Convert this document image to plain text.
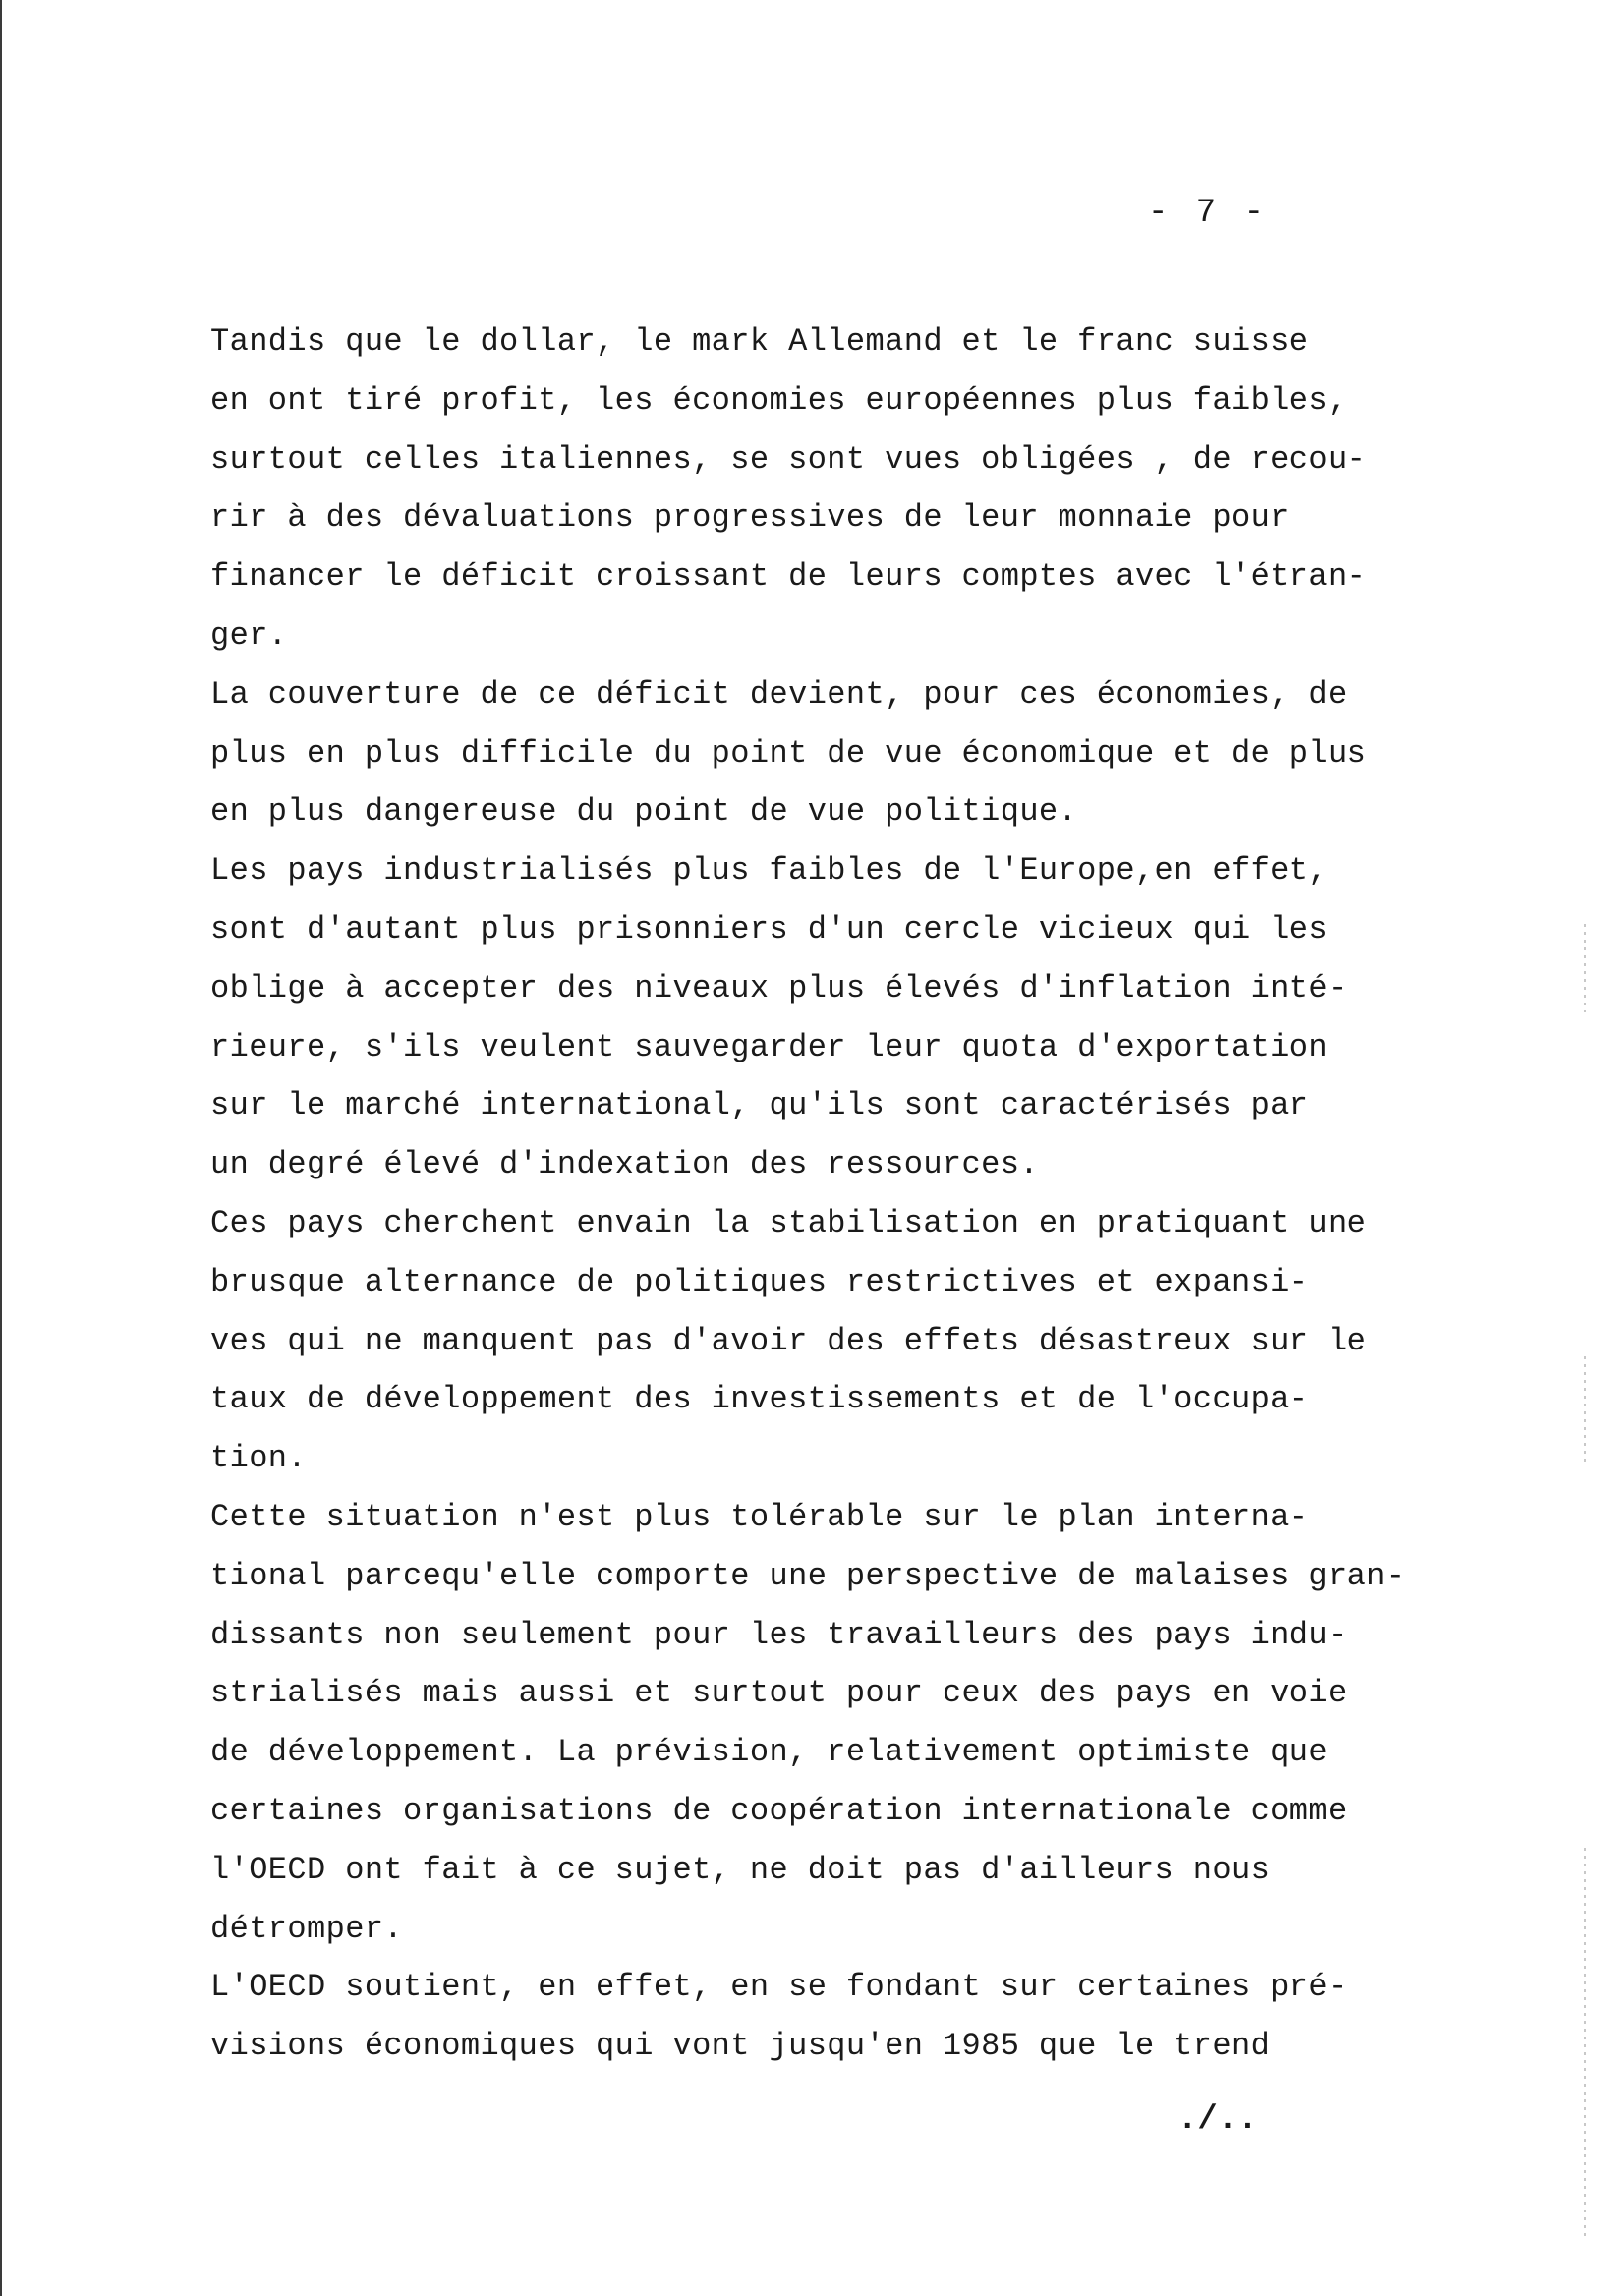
- 7 -
Tandis que le dollar, le mark Allemand et le franc suisse
en ont tiré profit, les économies européennes plus faibles,
surtout celles italiennes, se sont vues obligées , de recou-
rir à des dévaluations progressives de leur monnaie pour
financer le déficit croissant de leurs comptes avec l'étran-
ger.
La couverture de ce déficit devient, pour ces économies, de
plus en plus difficile du point de vue économique et de plus
en plus dangereuse du point de vue politique.
Les pays industrialisés plus faibles de l'Europe,en effet,
sont d'autant plus prisonniers d'un cercle vicieux qui les
oblige à accepter des niveaux plus élevés d'inflation inté-
rieure, s'ils veulent sauvegarder leur quota d'exportation
sur le marché international, qu'ils sont caractérisés par
un degré élevé d'indexation des ressources.
Ces pays cherchent envain la stabilisation en pratiquant une
brusque alternance de politiques restrictives et expansi-
ves qui ne manquent pas d'avoir des effets désastreux sur le
taux de développement des investissements et de l'occupa-
tion.
Cette situation n'est plus tolérable sur le plan interna-
tional parcequ'elle comporte une perspective de malaises gran-
dissants non seulement pour les travailleurs des pays indu-
strialisés mais aussi et surtout pour ceux des pays en voie
de développement. La prévision, relativement optimiste que
certaines organisations de coopération internationale comme
l'OECD ont fait à ce sujet, ne doit pas d'ailleurs nous
détromper.
L'OECD soutient, en effet, en se fondant sur certaines pré-
visions économiques qui vont jusqu'en 1985 que le trend
./..
